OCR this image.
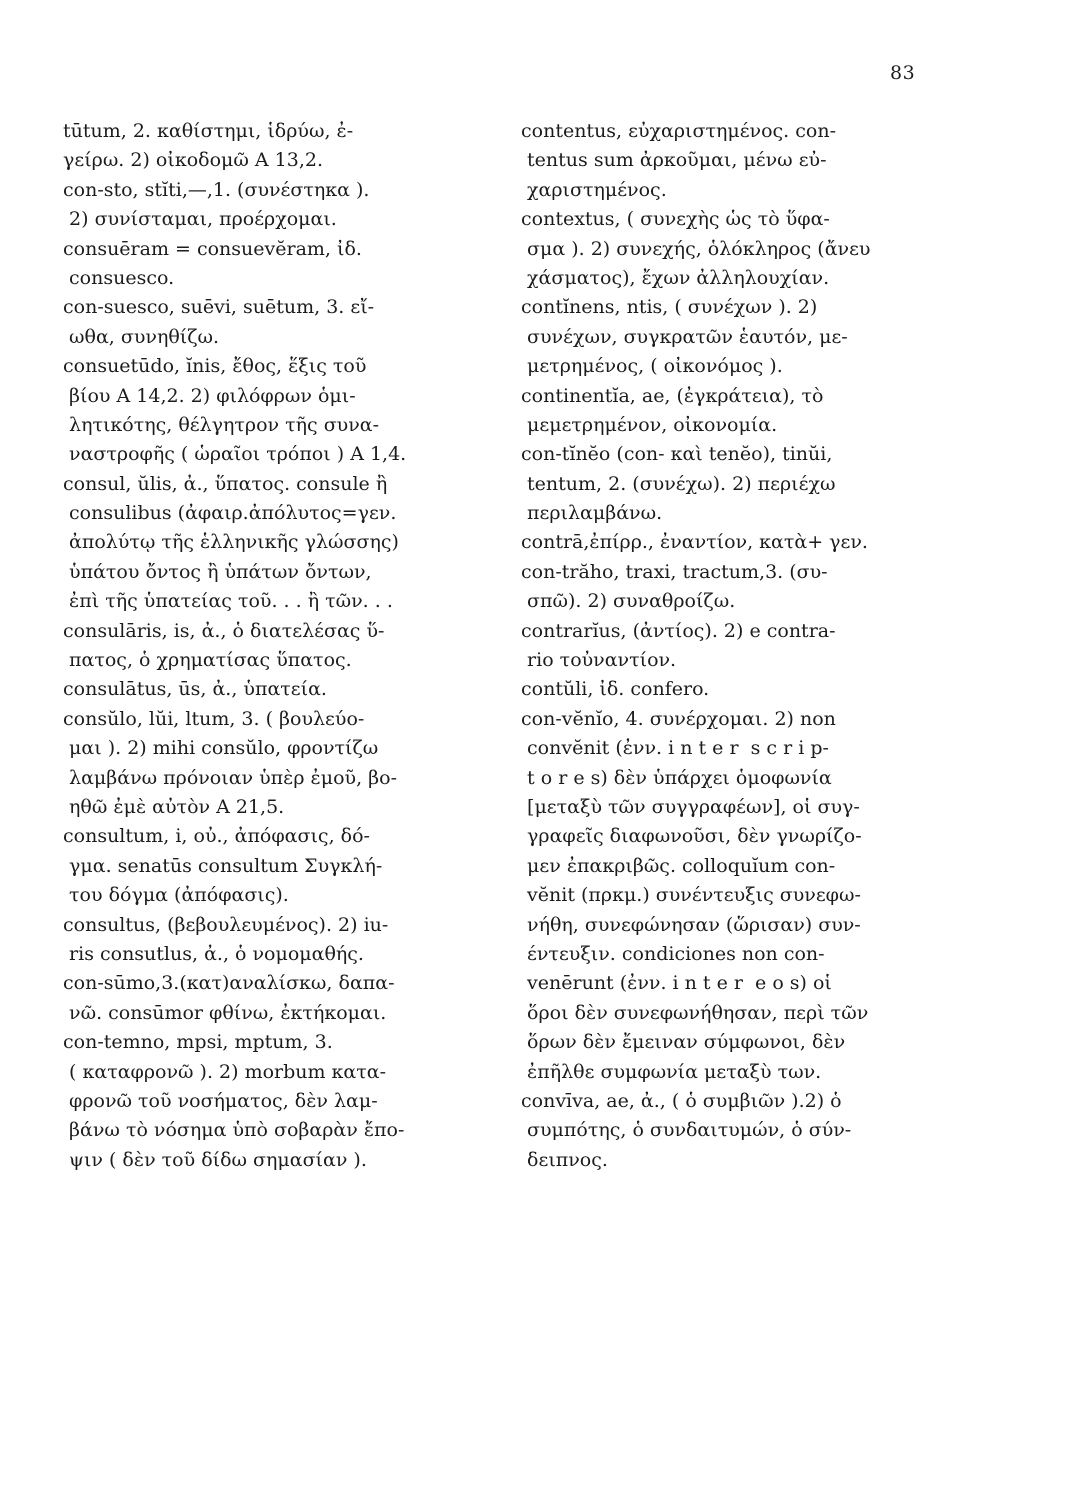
83
tūtum, 2. καθίστημι, ἱδρύω, ἐ-
γείρω. 2) οἰκοδομῶ A 13,2.
con-sto, stĭti,—,1. (συνέστηκα ).
2) συνίσταμαι, προέρχομαι.
consuēram = consuevĕram, ἰδ.
consuesco.
con-suesco, suēvi, suētum, 3. εἴ-
ωθα, συνηθίζω.
consuetūdo, ĭnis, ἔθος, ἕξις τοῦ
βίου A 14,2. 2) φιλόφρων ὁμι-
λητικότης, θέλγητρον τῆς συνα-
ναστροφῆς ( ὡραῖοι τρόποι ) A 1,4.
consul, ŭlis, ἀ., ὕπατος. consule ἢ
consulibus (ἀφαιρ.ἀπόλυτος=γεν.
ἀπολύτῳ τῆς ἑλληνικῆς γλώσσης)
ὑπάτου ὄντος ἢ ὑπάτων ὄντων,
ἐπὶ τῆς ὑπατείας τοῦ. . . ἢ τῶν. . .
consulāris, is, ἀ., ὁ διατελέσας ὕ-
πατος, ὁ χρηματίσας ὕπατος.
consulātus, ūs, ἀ., ὑπατεία.
consŭlo, lŭi, ltum, 3. ( βουλεύο-
μαι ). 2) mihi consŭlo, φροντίζω
λαμβάνω πρόνοιαν ὑπὲρ ἐμοῦ, βο-
ηθῶ ἐμὲ αὐτὸν A 21,5.
consultum, i, οὐ., ἀπόφασις, δό-
γμα. senatūs consultum Συγκλή-
του δόγμα (ἀπόφασις).
consultus, (βεβουλευμένος). 2) iu-
ris consutlus, ἀ., ὁ νομομαθής.
con-sūmo,3.(κατ)αναλίσκω, δαπα-
νῶ. consūmor φθίνω, ἐκτήκομαι.
con-temno, mpsi, mptum, 3.
( καταφρονῶ ). 2) morbum κατα-
φρονῶ τοῦ νοσήματος, δὲν λαμ-
βάνω τὸ νόσημα ὑπὸ σοβαρὰν ἔπο-
ψιν ( δὲν τοῦ δίδω σημασίαν ).
contentus, εὐχαριστημένος. con-
tentus sum ἀρκοῦμαι, μένω εὐ-
χαριστημένος.
contextus, ( συνεχὴς ὡς τὸ ὕφα-
σμα ). 2) συνεχής, ὁλόκληρος (ἄνευ
χάσματος), ἔχων ἀλληλουχίαν.
contĭnens, ntis, ( συνέχων ). 2)
συνέχων, συγκρατῶν ἑαυτόν, με-
μετρημένος, ( οἰκονόμος ).
continentĭa, ae, (ἐγκράτεια), τὸ
μεμετρημένον, οἰκονομία.
con-tĭnĕo (con- καὶ tenĕo), tinŭi,
tentum, 2. (συνέχω). 2) περιέχω
περιλαμβάνω.
contrā,ἐπίρρ., ἐναντίον, κατὰ+ γεν.
con-trăho, traxi, tractum,3. (συ-
σπῶ). 2) συναθροίζω.
contrarĭus, (ἀντίος). 2) e contra-
rio τοὐναντίον.
contŭli, ἰδ. confero.
con-vĕnĭo, 4. συνέρχομαι. 2) non
convĕnit (ἐνν. i n t e r  s c r i p-
t o r e s) δὲν ὑπάρχει ὁμοφωνία
[μεταξὺ τῶν συγγραφέων], οἱ συγ-
γραφεῖς διαφωνοῦσι, δὲν γνωρίζο-
μεν ἐπακριβῶς. colloquĭum con-
vĕnit (πρκμ.) συνέντευξις συνεφω-
νήθη, συνεφώνησαν (ὥρισαν) συν-
έντευξιν. condiciones non con-
venērunt (ἐνν. i n t e r  e o s) οἱ
ὅροι δὲν συνεφωνήθησαν, περὶ τῶν
ὅρων δὲν ἔμειναν σύμφωνοι, δὲν
ἐπῆλθε συμφωνία μεταξὺ των.
convīva, ae, ἀ., ( ὁ συμβιῶν ).2) ὁ
συμπότης, ὁ συνδαιτυμών, ὁ σύν-
δειπνος.
